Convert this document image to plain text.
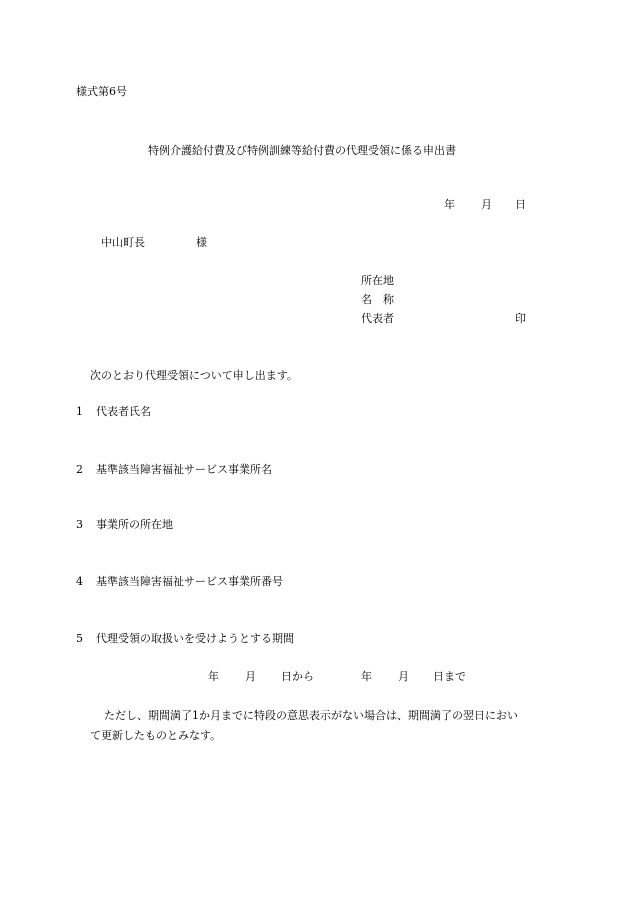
様式第6号
特例介護給付費及び特例訓練等給付費の代理受領に係る申出書
年 月 日
中山町長	様
所在地
名　称
代表者	印
次のとおり代理受領について申し出ます。
1 代表者氏名
2 基準該当障害福祉サービス事業所名
3 事業所の所在地
4 基準該当障害福祉サービス事業所番号
5 代理受領の取扱いを受けようとする期間
年 月 日から	年 月 日まで
ただし、期間満了1か月までに特段の意思表示がない場合は、期間満了の翌日におい
て更新したものとみなす。
